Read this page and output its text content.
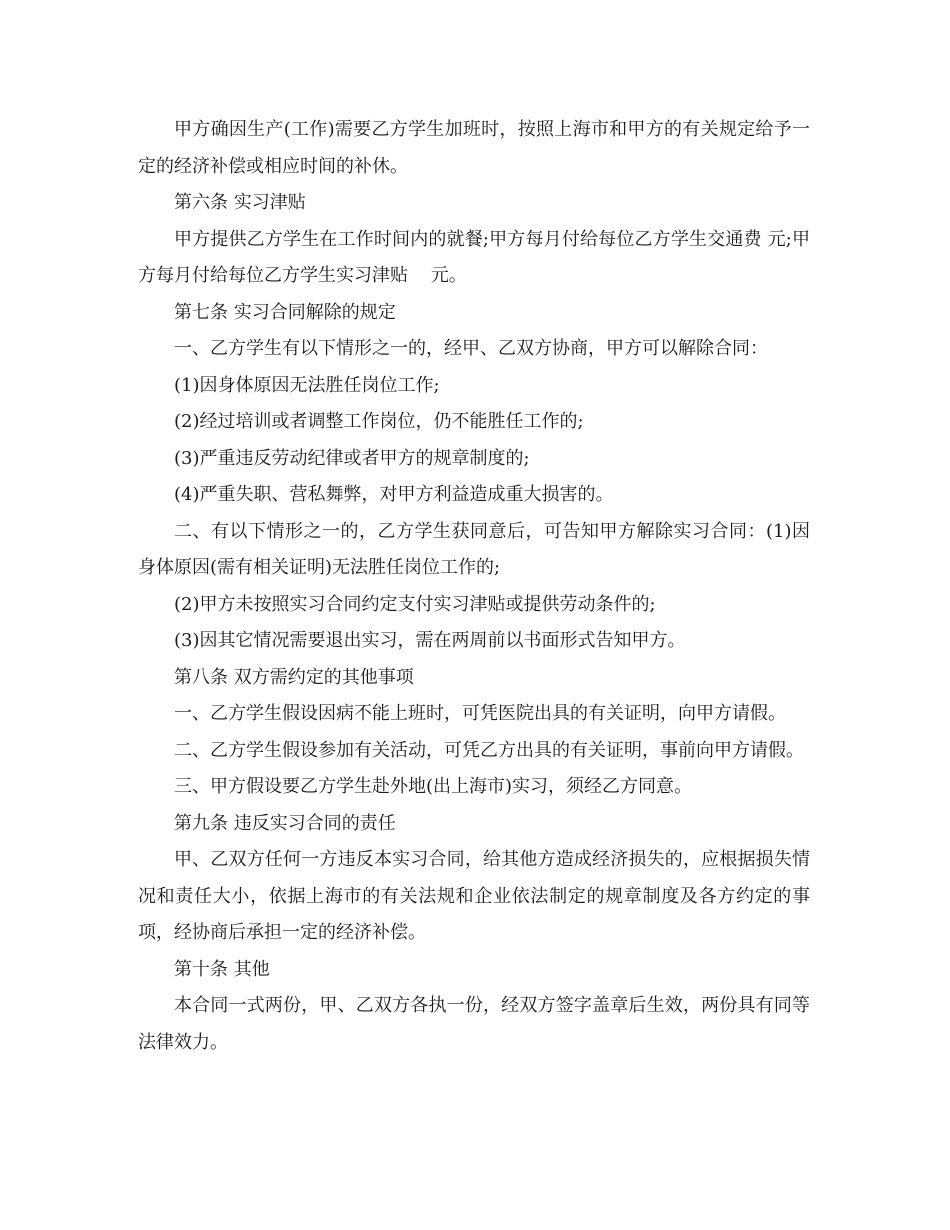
甲方确因生产(工作)需要乙方学生加班时，按照上海市和甲方的有关规定给予一定的经济补偿或相应时间的补休。

第六条 实习津贴

甲方提供乙方学生在工作时间内的就餐;甲方每月付给每位乙方学生交通费 元;甲方每月付给每位乙方学生实习津贴    元。

第七条 实习合同解除的规定

一、乙方学生有以下情形之一的，经甲、乙双方协商，甲方可以解除合同：

(1)因身体原因无法胜任岗位工作;

(2)经过培训或者调整工作岗位，仍不能胜任工作的;

(3)严重违反劳动纪律或者甲方的规章制度的;

(4)严重失职、营私舞弊，对甲方利益造成重大损害的。

二、有以下情形之一的，乙方学生获同意后，可告知甲方解除实习合同：(1)因身体原因(需有相关证明)无法胜任岗位工作的;

(2)甲方未按照实习合同约定支付实习津贴或提供劳动条件的;

(3)因其它情况需要退出实习，需在两周前以书面形式告知甲方。

第八条 双方需约定的其他事项

一、乙方学生假设因病不能上班时，可凭医院出具的有关证明，向甲方请假。

二、乙方学生假设参加有关活动，可凭乙方出具的有关证明，事前向甲方请假。

三、甲方假设要乙方学生赴外地(出上海市)实习，须经乙方同意。

第九条 违反实习合同的责任

甲、乙双方任何一方违反本实习合同，给其他方造成经济损失的，应根据损失情况和责任大小，依据上海市的有关法规和企业依法制定的规章制度及各方约定的事项，经协商后承担一定的经济补偿。

第十条 其他

本合同一式两份，甲、乙双方各执一份，经双方签字盖章后生效，两份具有同等法律效力。
